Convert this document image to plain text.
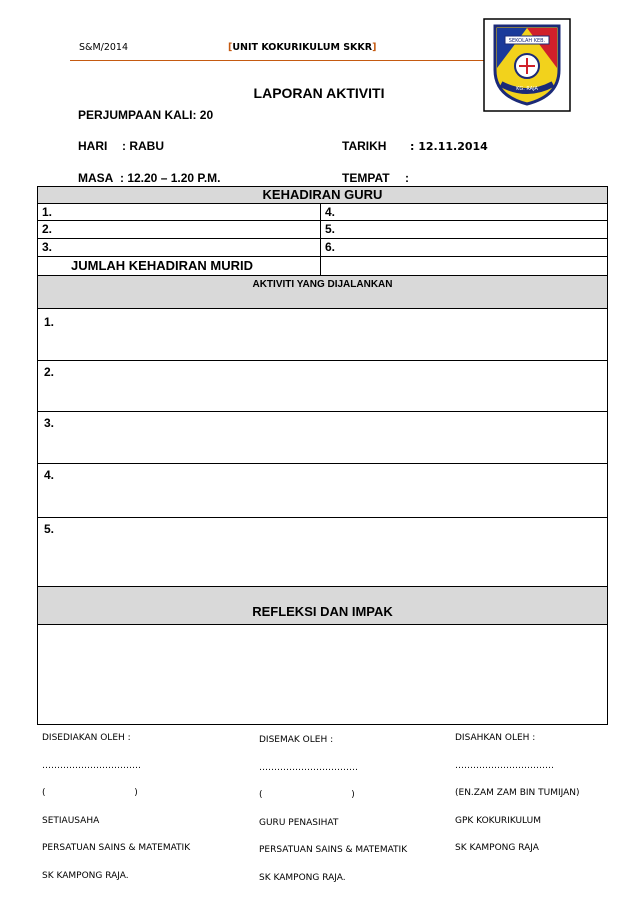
S&M/2014	[UNIT KOKURIKULUM SKKR]
SEKOLAH KEB.
KG. RAJA
LAPORAN AKTIVITI
PERJUMPAAN KALI: 20
HARI : RABU	TARIKH : 12.11.2014
MASA : 12.20 – 1.20 P.M.	TEMPAT :
KEHADIRAN GURU
1.	4.
2.	5.
3.	6.
JUMLAH KEHADIRAN MURID
AKTIVITI YANG DIJALANKAN
1.
2.
3.
4.
5.
REFLEKSI DAN IMPAK
DISEDIAKAN OLEH :
……………………………
(                               )
SETIAUSAHA
PERSATUAN SAINS & MATEMATIK
SK KAMPONG RAJA.
DISEMAK OLEH :
……………………………
(                               )
GURU PENASIHAT
PERSATUAN SAINS & MATEMATIK
SK KAMPONG RAJA.
DISAHKAN OLEH :
……………………………
(EN.ZAM ZAM BIN TUMIJAN)
GPK KOKURIKULUM
SK KAMPONG RAJA
